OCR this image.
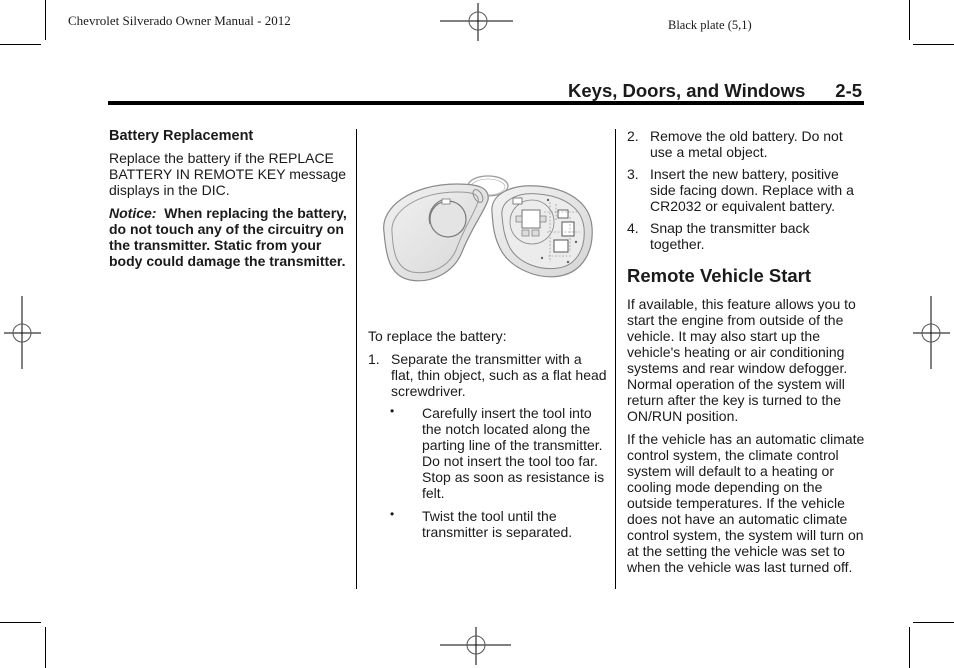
Chevrolet Silverado Owner Manual - 2012	Black plate (5,1)
Keys, Doors, and Windows 2-5
Battery Replacement

Replace the battery if the REPLACE BATTERY IN REMOTE KEY message displays in the DIC.

Notice: When replacing the battery, do not touch any of the circuitry on the transmitter. Static from your body could damage the transmitter.

To replace the battery:

1. Separate the transmitter with a flat, thin object, such as a flat head screwdriver.
• Carefully insert the tool into the notch located along the parting line of the transmitter. Do not insert the tool too far. Stop as soon as resistance is felt.
• Twist the tool until the transmitter is separated.
2. Remove the old battery. Do not use a metal object.
3. Insert the new battery, positive side facing down. Replace with a CR2032 or equivalent battery.
4. Snap the transmitter back together.
Remote Vehicle Start

If available, this feature allows you to start the engine from outside of the vehicle. It may also start up the vehicle's heating or air conditioning systems and rear window defogger. Normal operation of the system will return after the key is turned to the ON/RUN position.

If the vehicle has an automatic climate control system, the climate control system will default to a heating or cooling mode depending on the outside temperatures. If the vehicle does not have an automatic climate control system, the system will turn on at the setting the vehicle was set to when the vehicle was last turned off.
